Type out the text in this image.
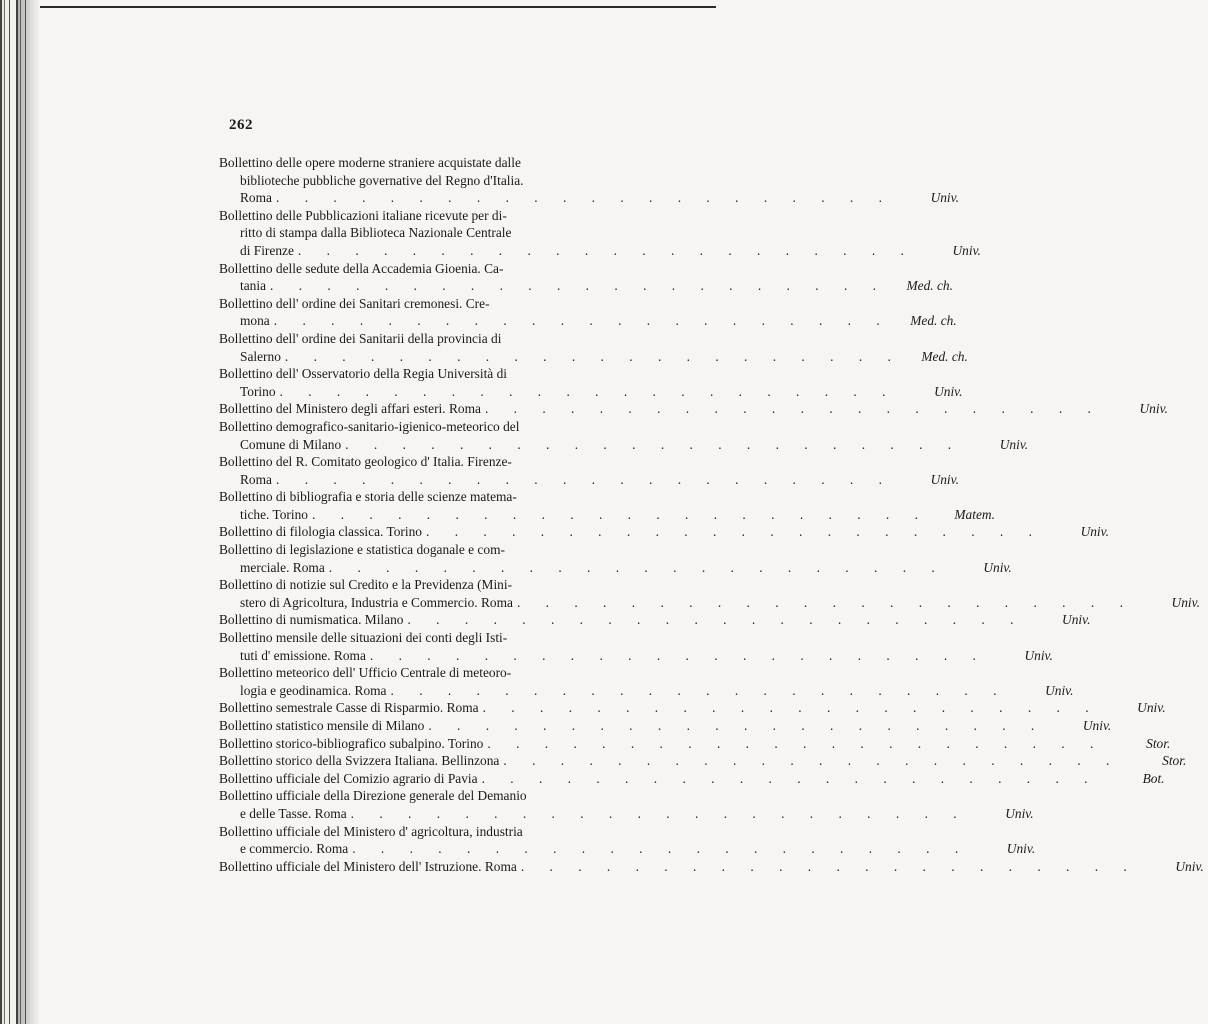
262
Bollettino delle opere moderne straniere acquistate dalle
biblioteche pubbliche governative del Regno d'Italia.
Roma . . . . . . . . . . . . . . . . . . . . . .	Univ.
Bollettino delle Pubblicazioni italiane ricevute per di-
ritto di stampa dalla Biblioteca Nazionale Centrale
di Firenze . . . . . . . . . . . . . . . . . . . . . .	Univ.
Bollettino delle sedute della Accademia Gioenia. Ca-
tania . . . . . . . . . . . . . . . . . . . . . .	Med. ch.
Bollettino dell' ordine dei Sanitari cremonesi. Cre-
mona . . . . . . . . . . . . . . . . . . . . . .	Med. ch.
Bollettino dell' ordine dei Sanitarii della provincia di
Salerno . . . . . . . . . . . . . . . . . . . . . .	Med. ch.
Bollettino dell' Osservatorio della Regia Università di
Torino . . . . . . . . . . . . . . . . . . . . . .	Univ.
Bollettino del Ministero degli affari esteri. Roma . . . . . . . . . . . . . . . . . . . . . .	Univ.
Bollettino demografico-sanitario-igienico-meteorico del
Comune di Milano . . . . . . . . . . . . . . . . . . . . . .	Univ.
Bollettino del R. Comitato geologico d' Italia. Firenze-
Roma . . . . . . . . . . . . . . . . . . . . . .	Univ.
Bollettino di bibliografia e storia delle scienze matema-
tiche. Torino . . . . . . . . . . . . . . . . . . . . . .	Matem.
Bollettino di filologia classica. Torino . . . . . . . . . . . . . . . . . . . . . .	Univ.
Bollettino di legislazione e statistica doganale e com-
merciale. Roma . . . . . . . . . . . . . . . . . . . . . .	Univ.
Bollettino di notizie sul Credito e la Previdenza (Mini-
stero di Agricoltura, Industria e Commercio. Roma . . . . . . . . . . . . . . . . . . . . . .	Univ.
Bollettino di numismatica. Milano . . . . . . . . . . . . . . . . . . . . . .	Univ.
Bollettino mensile delle situazioni dei conti degli Isti-
tuti d' emissione. Roma . . . . . . . . . . . . . . . . . . . . . .	Univ.
Bollettino meteorico dell' Ufficio Centrale di meteoro-
logia e geodinamica. Roma . . . . . . . . . . . . . . . . . . . . . .	Univ.
Bollettino semestrale Casse di Risparmio. Roma . . . . . . . . . . . . . . . . . . . . . .	Univ.
Bollettino statistico mensile di Milano . . . . . . . . . . . . . . . . . . . . . .	Univ.
Bollettino storico-bibliografico subalpino. Torino . . . . . . . . . . . . . . . . . . . . . .	Stor.
Bollettino storico della Svizzera Italiana. Bellinzona . . . . . . . . . . . . . . . . . . . . . .	Stor.
Bollettino ufficiale del Comizio agrario di Pavia . . . . . . . . . . . . . . . . . . . . . .	Bot.
Bollettino ufficiale della Direzione generale del Demanio
e delle Tasse. Roma . . . . . . . . . . . . . . . . . . . . . .	Univ.
Bollettino ufficiale del Ministero d' agricoltura, industria
e commercio. Roma . . . . . . . . . . . . . . . . . . . . . .	Univ.
Bollettino ufficiale del Ministero dell' Istruzione. Roma . . . . . . . . . . . . . . . . . . . . . .	Univ.
